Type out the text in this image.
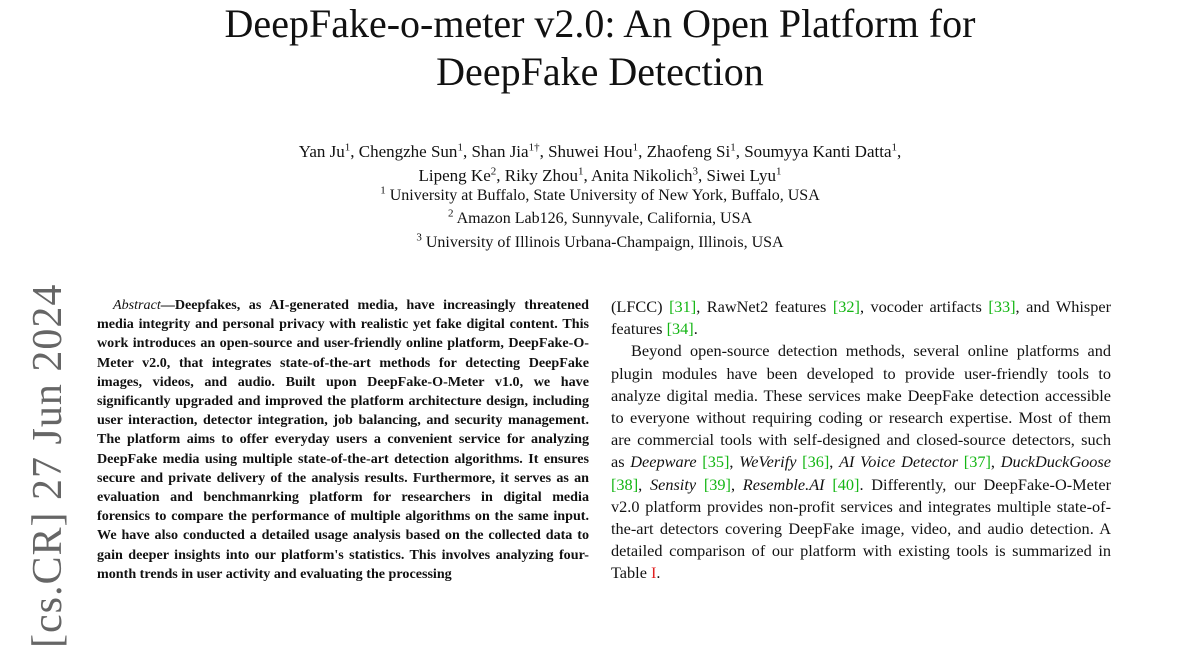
DeepFake-o-meter v2.0: An Open Platform for
DeepFake Detection
Yan Ju$^1$, Chengzhe Sun$^1$, Shan Jia$^{1\dagger}$, Shuwei Hou$^1$, Zhaofeng Si$^1$, Soumyya Kanti Datta$^1$,
Lipeng Ke$^2$, Riky Zhou$^1$, Anita Nikolich$^3$, Siwei Lyu$^1$
$^1$ University at Buffalo, State University of New York, Buffalo, USA
$^2$ Amazon Lab126, Sunnyvale, California, USA
$^3$ University of Illinois Urbana-Champaign, Illinois, USA
[cs.CR] 27 Jun 2024	Abstract—Deepfakes, as AI-generated media, have increasingly threatened media integrity and personal privacy with realistic yet fake digital content. This work introduces an open-source and user-friendly online platform, DeepFake-O-Meter v2.0, that integrates state-of-the-art methods for detecting DeepFake images, videos, and audio. Built upon DeepFake-O-Meter v1.0, we have significantly upgraded and improved the platform architecture design, including user interaction, detector integration, job balancing, and security management. The platform aims to offer everyday users a convenient service for analyzing DeepFake media using multiple state-of-the-art detection algorithms. It ensures secure and private delivery of the analysis results. Furthermore, it serves as an evaluation and benchmanrking platform for researchers in digital media forensics to compare the performance of multiple algorithms on the same input. We have also conducted a detailed usage analysis based on the collected data to gain deeper insights into our platform's statistics. This involves analyzing four-month trends in user activity and evaluating the processing

(LFCC) [31], RawNet2 features [32], vocoder artifacts [33], and Whisper features [34].

Beyond open-source detection methods, several online platforms and plugin modules have been developed to provide user-friendly tools to analyze digital media. These services make DeepFake detection accessible to everyone without requiring coding or research expertise. Most of them are commercial tools with self-designed and closed-source detectors, such as Deepware [35], WeVerify [36], AI Voice Detector [37], DuckDuckGoose [38], Sensity [39], Resemble.AI [40]. Differently, our DeepFake-O-Meter v2.0 platform provides non-profit services and integrates multiple state-of-the-art detectors covering DeepFake image, video, and audio detection. A detailed comparison of our platform with existing tools is summarized in Table I.
